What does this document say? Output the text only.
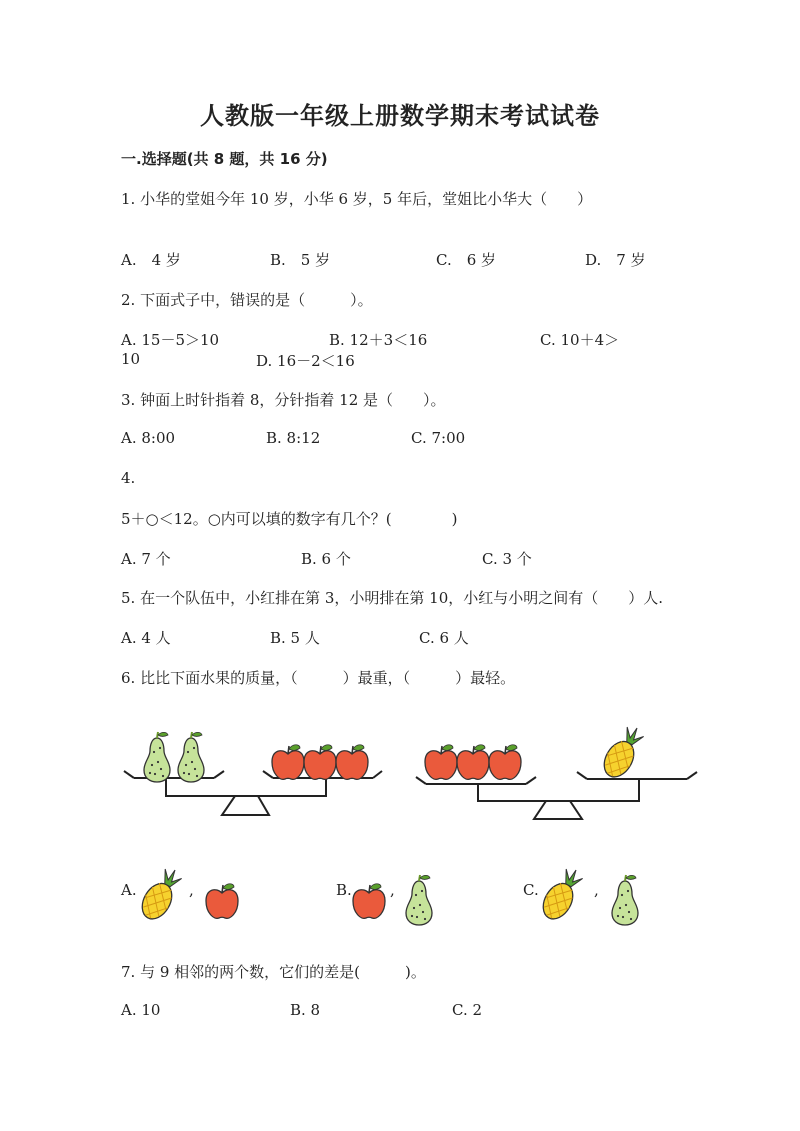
人教版一年级上册数学期末考试试卷
一.选择题(共 8 题，共 16 分)
1. 小华的堂姐今年 10 岁，小华 6 岁，5 年后，堂姐比小华大（　　）
A.　4 岁	B.　5 岁	C.　6 岁	D.　7 岁
2. 下面式子中，错误的是（　　　）。
A. 15－5＞10	B. 12＋3＜16	C. 10＋4＞
10	D. 16－2＜16
3. 钟面上时针指着 8，分针指着 12 是（　　）。
A. 8:00	B. 8:12	C. 7:00
4.
5＋○＜12。○内可以填的数字有几个？(　　　　)
A. 7 个	B. 6 个	C. 3 个
5. 在一个队伍中，小红排在第 3，小明排在第 10，小红与小明之间有（　　）人.
A. 4 人	B. 5 人	C. 6 人
6. 比比下面水果的质量，（　　　）最重，（　　　）最轻。
A.	,	B.	,	C.	,
7. 与 9 相邻的两个数，它们的差是(　　　)。
A. 10	B. 8	C. 2
